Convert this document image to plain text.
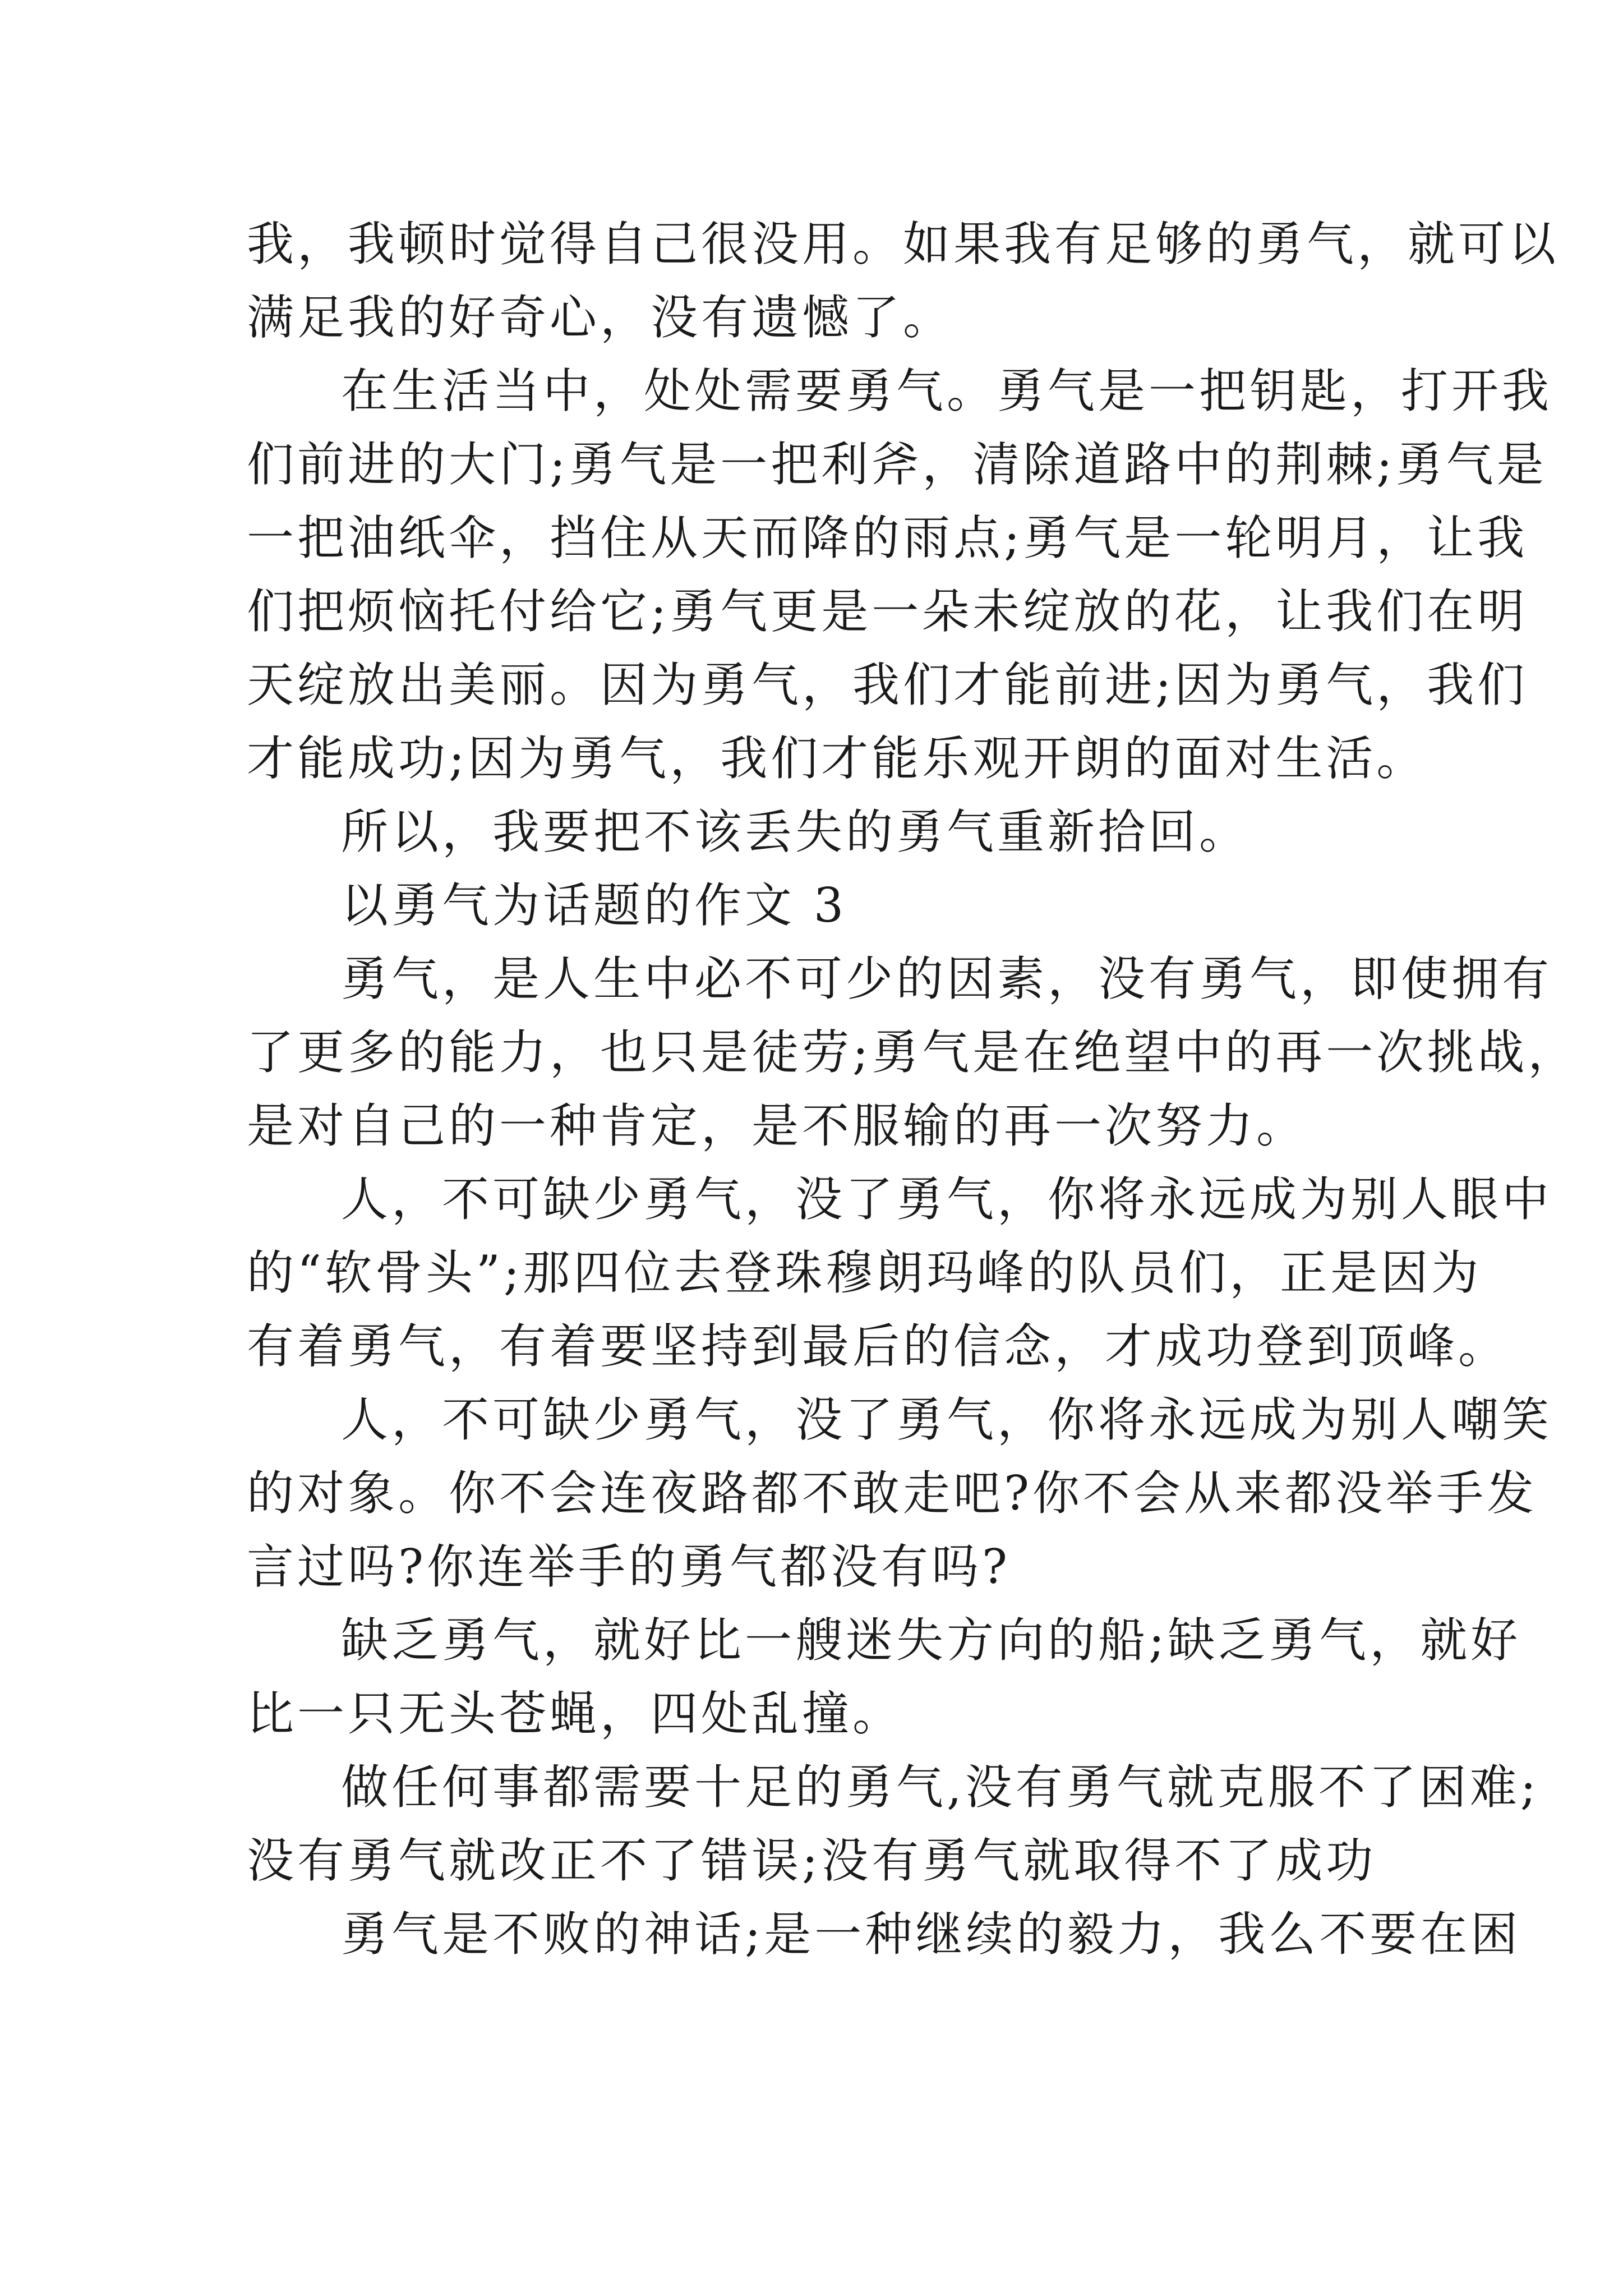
我，我顿时觉得自己很没用。如果我有足够的勇气，就可以
满足我的好奇心，没有遗憾了。
在生活当中，处处需要勇气。勇气是一把钥匙，打开我
们前进的大门;勇气是一把利斧，清除道路中的荆棘;勇气是
一把油纸伞，挡住从天而降的雨点;勇气是一轮明月，让我
们把烦恼托付给它;勇气更是一朵未绽放的花，让我们在明
天绽放出美丽。因为勇气，我们才能前进;因为勇气，我们
才能成功;因为勇气，我们才能乐观开朗的面对生活。
所以，我要把不该丢失的勇气重新拾回。
以勇气为话题的作文 3
勇气，是人生中必不可少的因素，没有勇气，即使拥有
了更多的能力，也只是徒劳;勇气是在绝望中的再一次挑战，
是对自己的一种肯定，是不服输的再一次努力。
人，不可缺少勇气，没了勇气，你将永远成为别人眼中
的“软骨头”;那四位去登珠穆朗玛峰的队员们，正是因为
有着勇气，有着要坚持到最后的信念，才成功登到顶峰。
人，不可缺少勇气，没了勇气，你将永远成为别人嘲笑
的对象。你不会连夜路都不敢走吧?你不会从来都没举手发
言过吗?你连举手的勇气都没有吗?
缺乏勇气，就好比一艘迷失方向的船;缺乏勇气，就好
比一只无头苍蝇，四处乱撞。
做任何事都需要十足的勇气,没有勇气就克服不了困难;
没有勇气就改正不了错误;没有勇气就取得不了成功
勇气是不败的神话;是一种继续的毅力，我么不要在困
